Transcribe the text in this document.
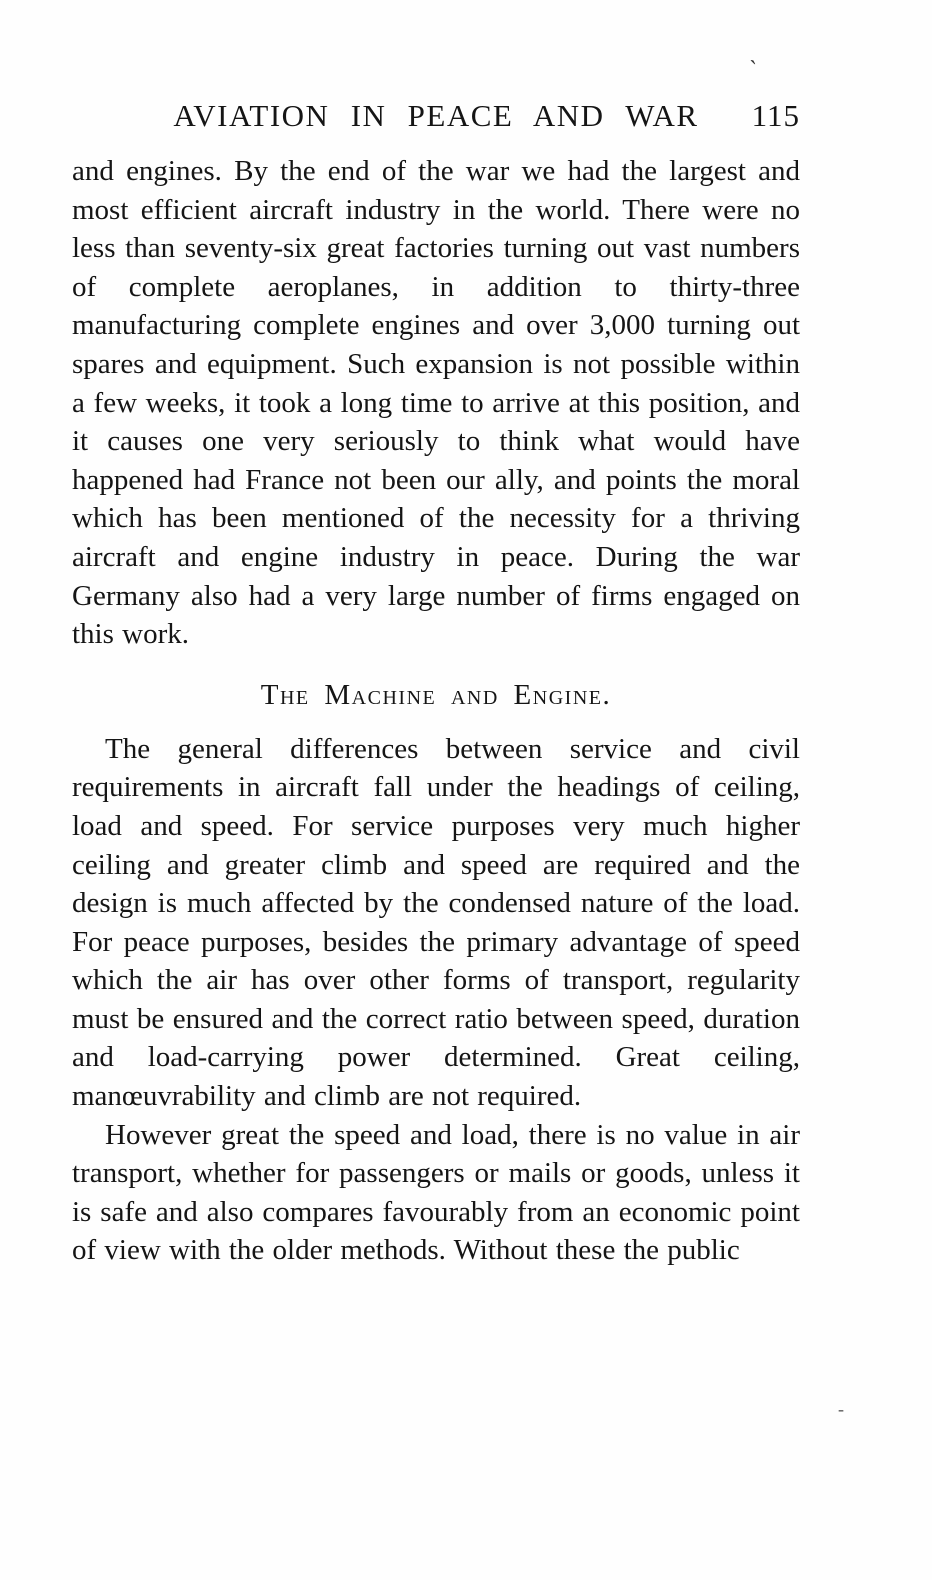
`
AVIATION IN PEACE AND WAR 115

and engines. By the end of the war we had the largest and most efficient aircraft industry in the world. There were no less than seventy-six great factories turning out vast numbers of complete aeroplanes, in addition to thirty-three manufacturing complete engines and over 3,000 turning out spares and equipment. Such expansion is not possible within a few weeks, it took a long time to arrive at this position, and it causes one very seriously to think what would have happened had France not been our ally, and points the moral which has been mentioned of the necessity for a thriving aircraft and engine industry in peace. During the war Germany also had a very large number of firms engaged on this work.

The Machine and Engine.

The general differences between service and civil requirements in aircraft fall under the headings of ceiling, load and speed. For service purposes very much higher ceiling and greater climb and speed are required and the design is much affected by the condensed nature of the load. For peace purposes, besides the primary advantage of speed which the air has over other forms of transport, regularity must be ensured and the correct ratio between speed, duration and load-carrying power determined. Great ceiling, manœuvrability and climb are not required.

However great the speed and load, there is no value in air transport, whether for passengers or mails or goods, unless it is safe and also compares favourably from an economic point of view with the older methods. Without these the public

-
